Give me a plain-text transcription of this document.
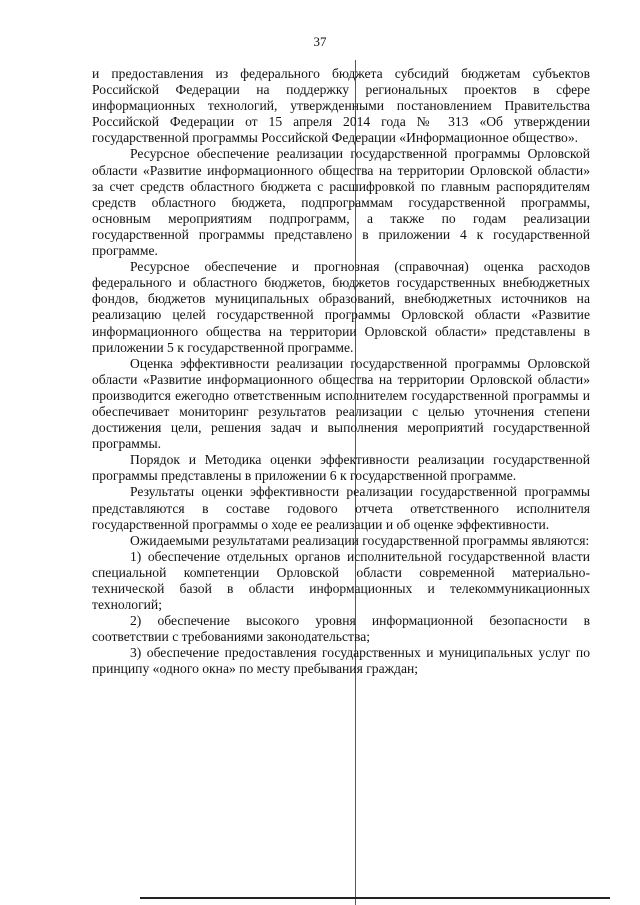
37

и предоставления из федерального бюджета субсидий бюджетам субъектов Российской Федерации на поддержку региональных проектов в сфере информационных технологий, утвержденными постановлением Правительства Российской Федерации от 15 апреля 2014 года № 313 «Об утверждении государственной программы Российской Федерации «Информационное общество».

Ресурсное обеспечение реализации государственной программы Орловской области «Развитие информационного общества на территории Орловской области» за счет средств областного бюджета с расшифровкой по главным распорядителям средств областного бюджета, подпрограммам государственной программы, основным мероприятиям подпрограмм, а также по годам реализации государственной программы представлено в приложении 4 к государственной программе.

Ресурсное обеспечение и прогнозная (справочная) оценка расходов федерального и областного бюджетов, бюджетов государственных внебюджетных фондов, бюджетов муниципальных образований, внебюджетных источников на реализацию целей государственной программы Орловской области «Развитие информационного общества на территории Орловской области» представлены в приложении 5 к государственной программе.

Оценка эффективности реализации государственной программы Орловской области «Развитие информационного общества на территории Орловской области» производится ежегодно ответственным исполнителем государственной программы и обеспечивает мониторинг результатов реализации с целью уточнения степени достижения цели, решения задач и выполнения мероприятий государственной программы.

Порядок и Методика оценки эффективности реализации государственной программы представлены в приложении 6 к государственной программе.

Результаты оценки эффективности реализации государственной программы представляются в составе годового отчета ответственного исполнителя государственной программы о ходе ее реализации и об оценке эффективности.

Ожидаемыми результатами реализации государственной программы являются:

1) обеспечение отдельных органов исполнительной государственной власти специальной компетенции Орловской области современной материально-технической базой в области информационных и телекоммуникационных технологий;

2) обеспечение высокого уровня информационной безопасности в соответствии с требованиями законодательства;

3) обеспечение предоставления государственных и муниципальных услуг по принципу «одного окна» по месту пребывания граждан;
